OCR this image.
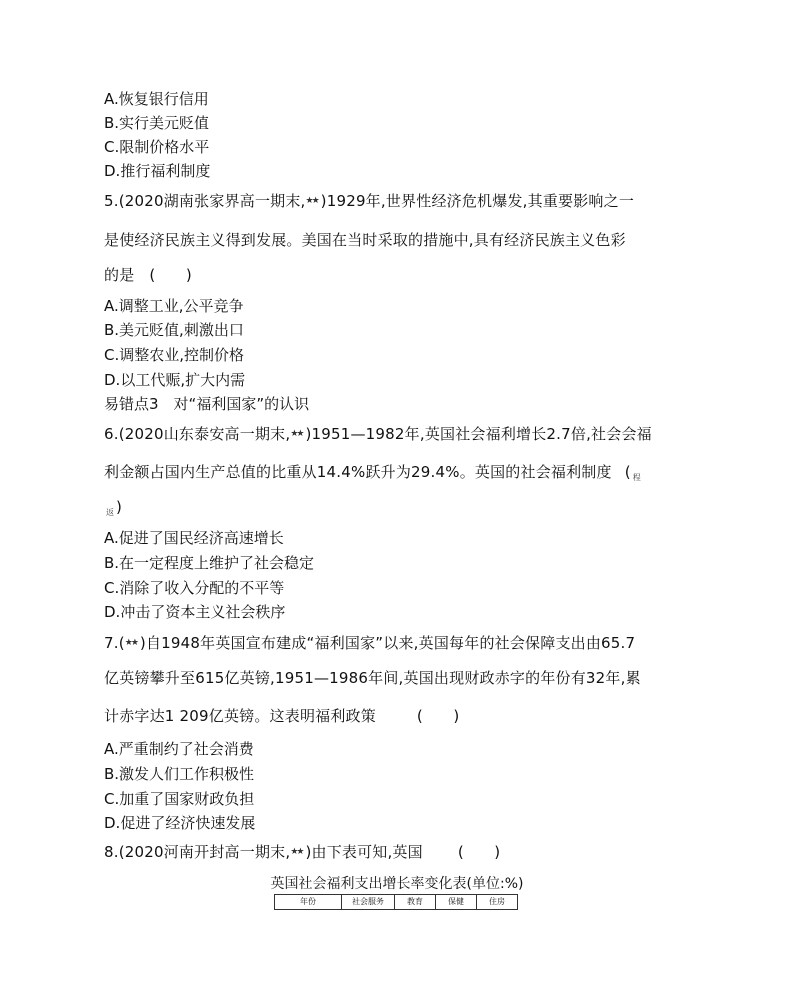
A.恢复银行信用
B.实行美元贬值
C.限制价格水平
D.推行福利制度
5.(2020湖南张家界高一期末,★★ )1929年,世界性经济危机爆发,其重要影响之一
是使经济民族主义得到发展。美国在当时采取的措施中,具有经济民族主义色彩
的是 (　　)
A.调整工业,公平竞争
B.美元贬值,刺激出口
C.调整农业,控制价格
D.以工代赈,扩大内需
易错点3　对“福利国家”的认识
6.(2020山东泰安高一期末,★★ )1951—1982年,英国社会福利增长2.7倍,社会会福
利金额占国内生产总值的比重从14.4%跃升为29.4%。英国的社会福利制度 ( $_程$
$_返$ )
A.促进了国民经济高速增长
B.在一定程度上维护了社会稳定
C.消除了收入分配的不平等
D.冲击了资本主义社会秩序
7.(★★ )自1948年英国宣布建成“福利国家”以来,英国每年的社会保障支出由65.7
亿英镑攀升至615亿英镑,1951—1986年间,英国出现财政赤字的年份有32年,累
计赤字达1 209亿英镑。这表明福利政策	(　　)
A.严重制约了社会消费
B.激发人们工作积极性
C.加重了国家财政负担
D.促进了经济快速发展
8.(2020河南开封高一期末,★★ )由下表可知,英国 (　　)
英国社会福利支出增长率变化表(单位:%)
年份	社会服务	教育	保健	住房
